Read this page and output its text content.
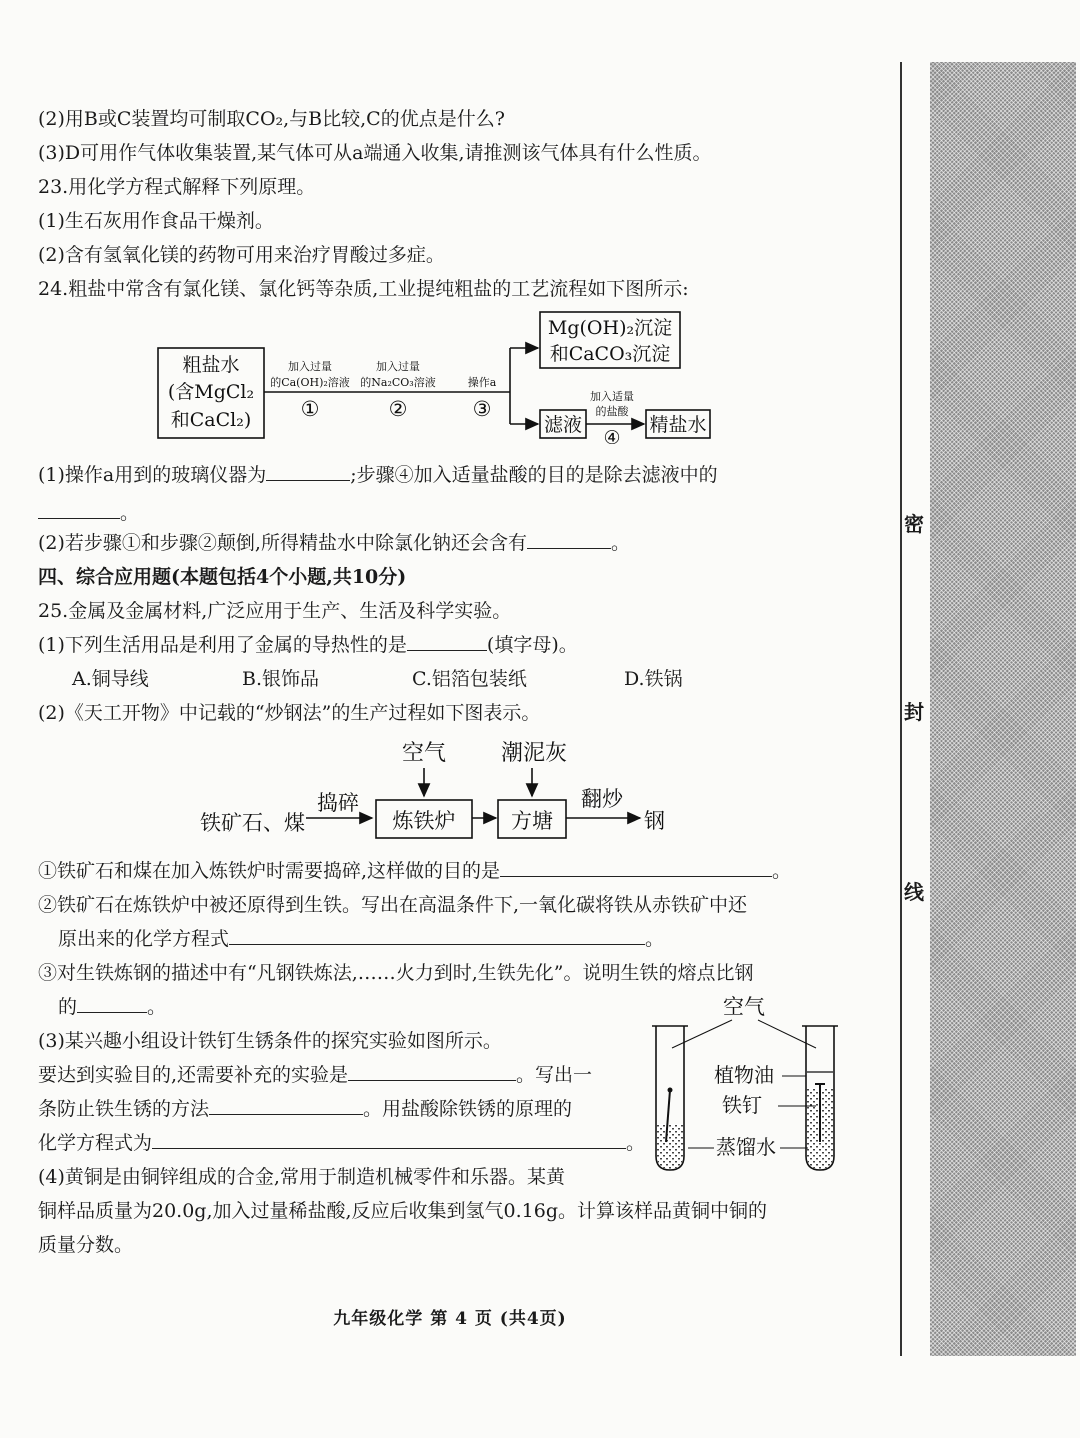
密
封
线
(2)用B或C装置均可制取CO₂,与B比较,C的优点是什么?
(3)D可用作气体收集装置,某气体可从a端通入收集,请推测该气体具有什么性质。
23.用化学方程式解释下列原理。
(1)生石灰用作食品干燥剂。
(2)含有氢氧化镁的药物可用来治疗胃酸过多症。
24.粗盐中常含有氯化镁、氯化钙等杂质,工业提纯粗盐的工艺流程如下图所示:
粗盐水
(含MgCl₂
和CaCl₂)
加入过量
的Ca(OH)₂溶液
①
加入过量
的Na₂CO₃溶液
②
操作a
③
Mg(OH)₂沉淀
和CaCO₃沉淀
滤液
加入适量
的盐酸
④
精盐水
(1)操作a用到的玻璃仪器为	;步骤④加入适量盐酸的目的是除去滤液中的
。
(2)若步骤①和步骤②颠倒,所得精盐水中除氯化钠还会含有	。
四、综合应用题(本题包括4个小题,共10分)
25.金属及金属材料,广泛应用于生产、生活及科学实验。
(1)下列生活用品是利用了金属的导热性的是	(填字母)。
A.铜导线	B.银饰品	C.铝箔包装纸	D.铁锅
(2)《天工开物》中记载的“炒钢法”的生产过程如下图表示。
铁矿石、煤
捣碎
空气
炼铁炉
潮泥灰
方塘
翻炒
钢
①铁矿石和煤在加入炼铁炉时需要捣碎,这样做的目的是	。
②铁矿石在炼铁炉中被还原得到生铁。写出在高温条件下,一氧化碳将铁从赤铁矿中还
原出来的化学方程式	。
③对生铁炼钢的描述中有“凡钢铁炼法,……火力到时,生铁先化”。说明生铁的熔点比钢
的	。
(3)某兴趣小组设计铁钉生锈条件的探究实验如图所示。
要达到实验目的,还需要补充的实验是	。写出一
条防止铁生锈的方法	。用盐酸除铁锈的原理的
化学方程式为	。
(4)黄铜是由铜锌组成的合金,常用于制造机械零件和乐器。某黄
铜样品质量为20.0g,加入过量稀盐酸,反应后收集到氢气0.16g。计算该样品黄铜中铜的
质量分数。
空气
植物油
铁钉
蒸馏水
九年级化学 第 4 页 (共4页)
